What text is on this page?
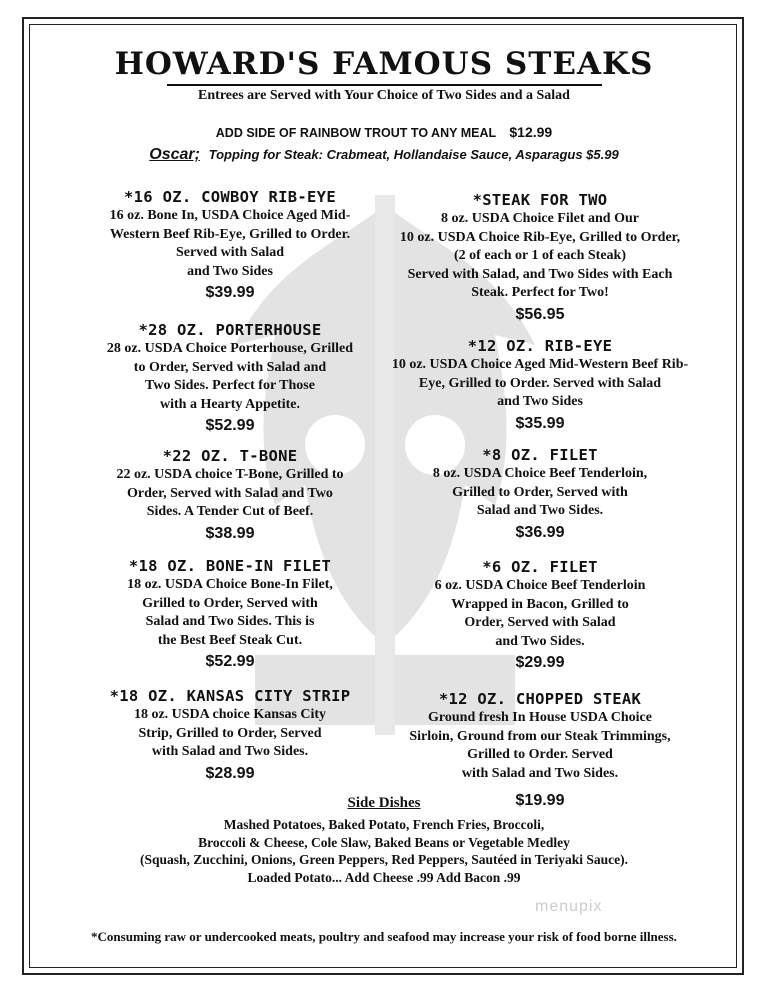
HOWARD'S FAMOUS STEAKS
Entrees are Served with Your Choice of Two Sides and a Salad
ADD SIDE OF RAINBOW TROUT TO ANY MEAL $12.99
Oscar; Topping for Steak: Crabmeat, Hollandaise Sauce, Asparagus $5.99
*16 OZ. COWBOY RIB-EYE
16 oz. Bone In, USDA Choice Aged Mid-
Western Beef Rib-Eye, Grilled to Order.
Served with Salad
and Two Sides
$39.99
*28 OZ. PORTERHOUSE
28 oz. USDA Choice Porterhouse, Grilled
to Order, Served with Salad and
Two Sides. Perfect for Those
with a Hearty Appetite.
$52.99
*22 OZ. T-BONE
22 oz. USDA choice T-Bone, Grilled to
Order, Served with Salad and Two
Sides. A Tender Cut of Beef.
$38.99
*18 OZ. BONE-IN FILET
18 oz. USDA Choice Bone-In Filet,
Grilled to Order, Served with
Salad and Two Sides. This is
the Best Beef Steak Cut.
$52.99
*18 OZ. KANSAS CITY STRIP
18 oz. USDA choice Kansas City
Strip, Grilled to Order, Served
with Salad and Two Sides.
$28.99
*STEAK FOR TWO
8 oz. USDA Choice Filet and Our
10 oz. USDA Choice Rib-Eye, Grilled to Order,
(2 of each or 1 of each Steak)
Served with Salad, and Two Sides with Each
Steak. Perfect for Two!
$56.95
*12 OZ. RIB-EYE
10 oz. USDA Choice Aged Mid-Western Beef Rib-
Eye, Grilled to Order. Served with Salad
and Two Sides
$35.99
*8 OZ. FILET
8 oz. USDA Choice Beef Tenderloin,
Grilled to Order, Served with
Salad and Two Sides.
$36.99
*6 OZ. FILET
6 oz. USDA Choice Beef Tenderloin
Wrapped in Bacon, Grilled to
Order, Served with Salad
and Two Sides.
$29.99
*12 OZ. CHOPPED STEAK
Ground fresh In House USDA Choice
Sirloin, Ground from our Steak Trimmings,
Grilled to Order. Served
with Salad and Two Sides.
$19.99
Side Dishes
Mashed Potatoes, Baked Potato, French Fries, Broccoli,
Broccoli & Cheese, Cole Slaw, Baked Beans or Vegetable Medley
(Squash, Zucchini, Onions, Green Peppers, Red Peppers, Sautéed in Teriyaki Sauce).
Loaded Potato... Add Cheese .99 Add Bacon .99
menupix
*Consuming raw or undercooked meats, poultry and seafood may increase your risk of food borne illness.
